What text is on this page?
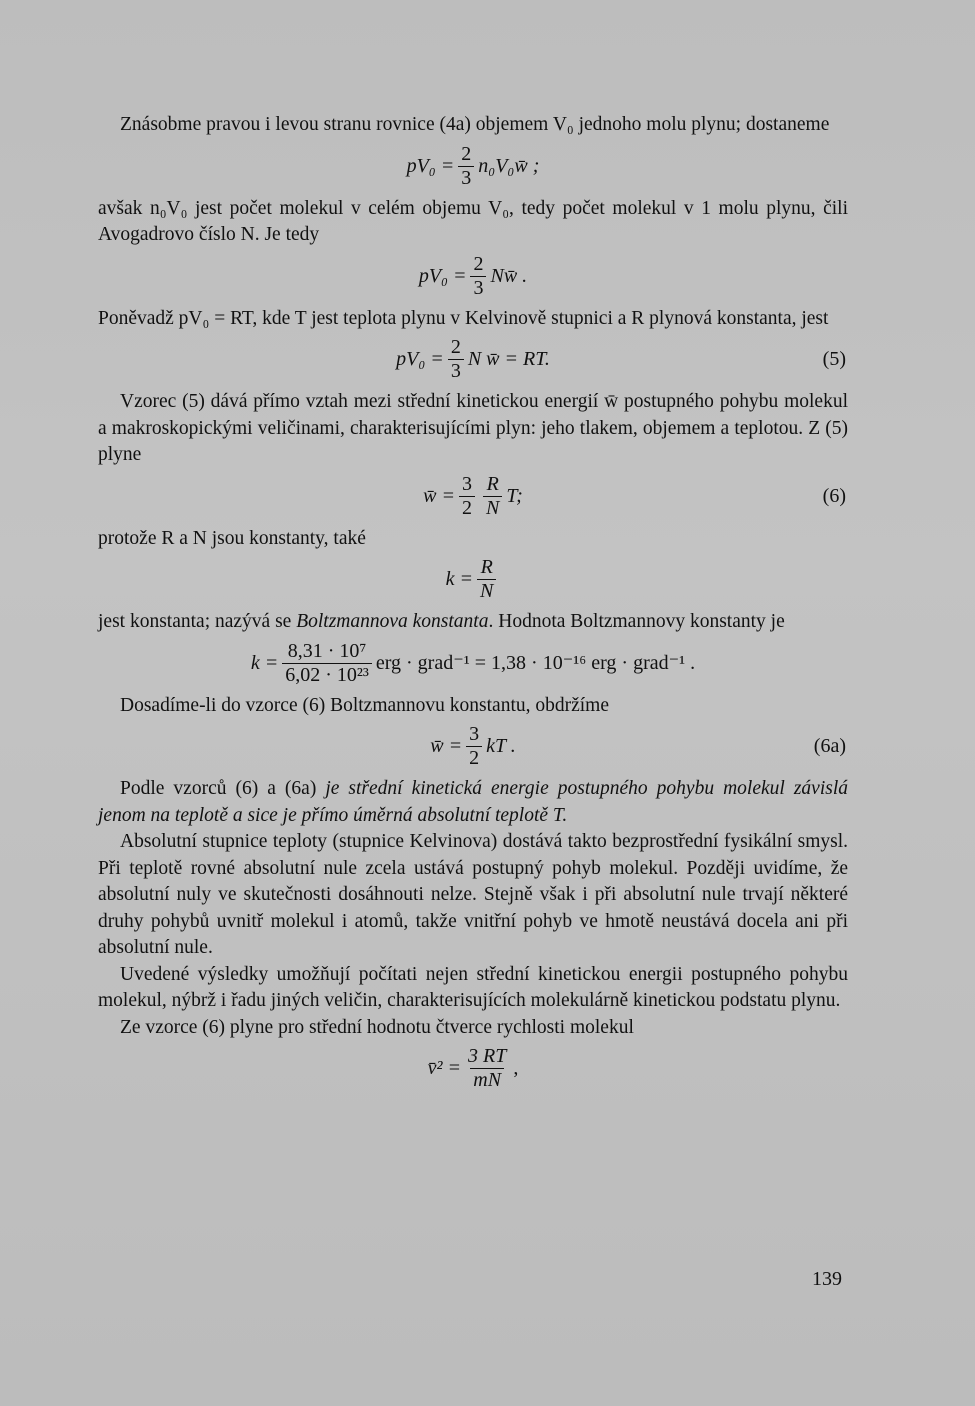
Znásobme pravou i levou stranu rovnice (4a) objemem V₀ jednoho molu plynu; dostaneme

$pV_0 = \frac{2}{3}$ n₀V₀w̄ ;

avšak n₀V₀ jest počet molekul v celém objemu V₀, tedy počet molekul v 1 molu plynu, čili Avogadrovo číslo N. Je tedy

$pV_0 = \frac{2}{3}$ Nw̄ .

Poněvadž pV₀ = RT, kde T jest teplota plynu v Kelvinově stupnici a R plynová konstanta, jest

$pV_0 = \frac{2}{3}$ N w̄ = RT.	(5)

Vzorec (5) dává přímo vztah mezi střední kinetickou energií w̄ postupného pohybu molekul a makroskopickými veličinami, charakterisujícími plyn: jeho tlakem, objemem a teplotou. Z (5) plyne

w̄ = $\frac{3}{2} \frac{R}{N} T$;	(6)

protože R a N jsou konstanty, také

$k = \frac{R}{N}$

jest konstanta; nazývá se Boltzmannova konstanta. Hodnota Boltzmannovy konstanty je

$k = \frac{\text{8,31 · 10⁷}}{\text{6,02 · 10²³}}$ erg · grad⁻¹ = 1,38 · 10⁻¹⁶ erg · grad⁻¹ .

Dosadíme-li do vzorce (6) Boltzmannovu konstantu, obdržíme

w̄ = $\frac{3}{2}$ kT .	(6a)

Podle vzorců (6) a (6a) je střední kinetická energie postupného pohybu molekul závislá jenom na teplotě a sice je přímo úměrná absolutní teplotě T.

Absolutní stupnice teploty (stupnice Kelvinova) dostává takto bezprostřední fysikální smysl. Při teplotě rovné absolutní nule zcela ustává postupný pohyb molekul. Později uvidíme, že absolutní nuly ve skutečnosti dosáhnouti nelze. Stejně však i při absolutní nule trvají některé druhy pohybů uvnitř molekul i atomů, takže vnitřní pohyb ve hmotě neustává docela ani při absolutní nule.

Uvedené výsledky umožňují počítati nejen střední kinetickou energii postupného pohybu molekul, nýbrž i řadu jiných veličin, charakterisujících molekulárně kinetickou podstatu plynu.

Ze vzorce (6) plyne pro střední hodnotu čtverce rychlosti molekul

v̄² = $\frac{3 RT}{mN}$ ,
139
